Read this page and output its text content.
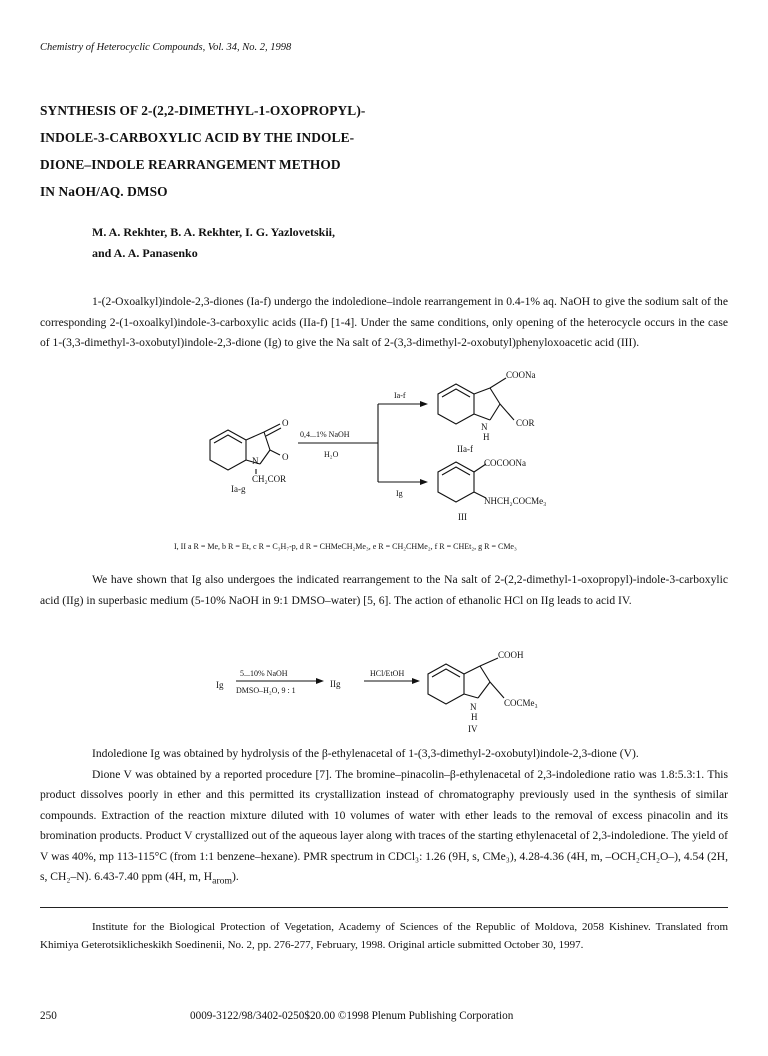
Chemistry of Heterocyclic Compounds, Vol. 34, No. 2, 1998
SYNTHESIS OF 2-(2,2-DIMETHYL-1-OXOPROPYL)-
INDOLE-3-CARBOXYLIC ACID BY THE INDOLE-
DIONE–INDOLE REARRANGEMENT METHOD
IN NaOH/AQ. DMSO
M. A. Rekhter, B. A. Rekhter, I. G. Yazlovetskii,
and A. A. Panasenko
1-(2-Oxoalkyl)indole-2,3-diones (Ia-f) undergo the indoledione–indole rearrangement in 0.4-1% aq. NaOH to give the sodium salt of the corresponding 2-(1-oxoalkyl)indole-3-carboxylic acids (IIa-f) [1-4]. Under the same conditions, only opening of the heterocycle occurs in the case of 1-(3,3-dimethyl-3-oxobutyl)indole-2,3-dione (Ig) to give the Na salt of 2-(3,3-dimethyl-2-oxobutyl)phenyloxoacetic acid (III).
O
N	O
CH₂COR
Ia-g
0,4...1% NaOH
H₂O
Ia-f
Ig
COONa
N
H
COR
IIa-f
COCOONa
NHCH₂COCMe₃
III
I, II a R = Me, b R = Et, c R = C₃H₇-p, d R = CHMeCH₂Me₃, e R = CH₂CHMe₂, f R = CHEt₂, g R = CMe₃
We have shown that Ig also undergoes the indicated rearrangement to the Na salt of 2-(2,2-dimethyl-1-oxopropyl)-indole-3-carboxylic acid (IIg) in superbasic medium (5-10% NaOH in 9:1 DMSO–water) [5, 6]. The action of ethanolic HCl on IIg leads to acid IV.
Ig
5...10% NaOH
DMSO–H₂O, 9 : 1
IIg
HCl/EtOH
COOH
N
H
COCMe₃
IV
Indoledione Ig was obtained by hydrolysis of the β-ethylenacetal of 1-(3,3-dimethyl-2-oxobutyl)indole-2,3-dione (V).
Dione V was obtained by a reported procedure [7]. The bromine–pinacolin–β-ethylenacetal of 2,3-indoledione ratio was 1.8:5.3:1. This product dissolves poorly in ether and this permitted its crystallization instead of chromatography previously used in the synthesis of similar compounds. Extraction of the reaction mixture diluted with 10 volumes of water with ether leads to the removal of excess pinacolin and its bromination products. Product V crystallized out of the aqueous layer along with traces of the starting ethylenacetal of 2,3-indoledione. The yield of V was 40%, mp 113-115°C (from 1:1 benzene–hexane). PMR spectrum in CDCl₃: 1.26 (9H, s, CMe₃), 4.28-4.36 (4H, m, –OCH₂CH₂O–), 4.54 (2H, s, CH₂–N). 6.43-7.40 ppm (4H, m, $H_{arom}$).
Institute for the Biological Protection of Vegetation, Academy of Sciences of the Republic of Moldova, 2058 Kishinev. Translated from Khimiya Geterotsiklicheskikh Soedinenii, No. 2, pp. 276-277, February, 1998. Original article submitted October 30, 1997.
250	0009-3122/98/3402-0250$20.00 ©1998 Plenum Publishing Corporation
